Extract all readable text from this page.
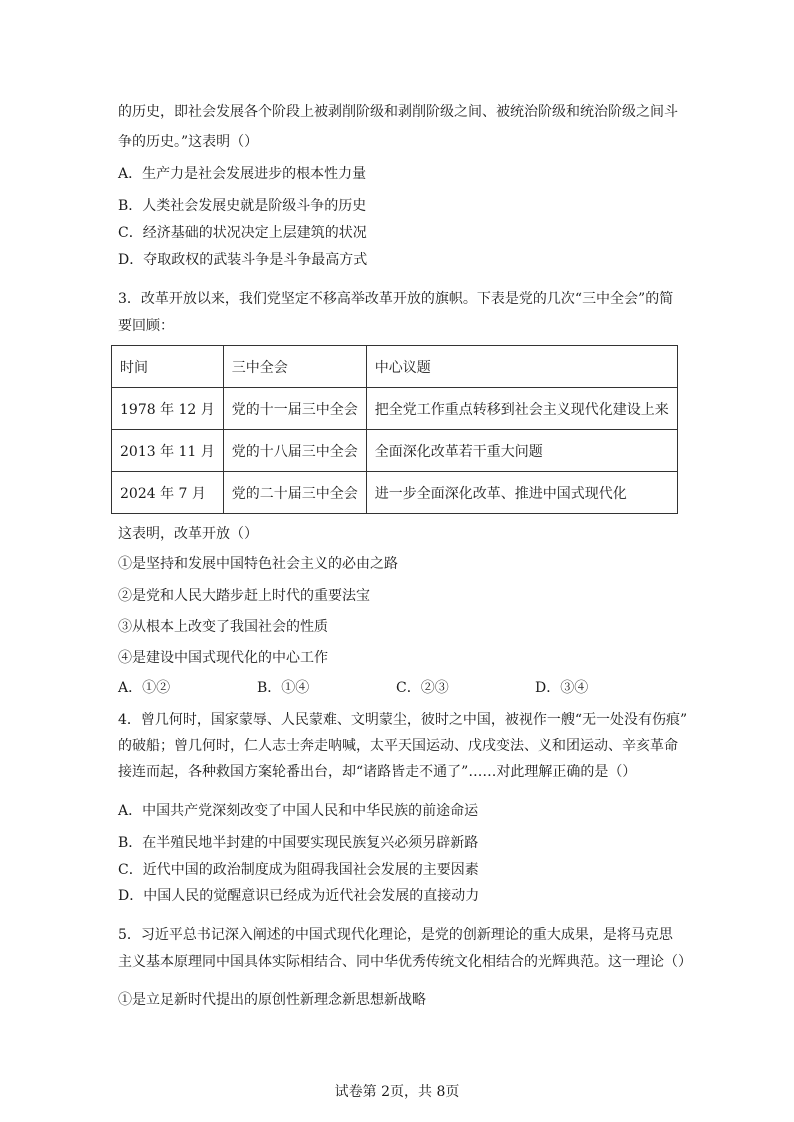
的历史，即社会发展各个阶段上被剥削阶级和剥削阶级之间、被统治阶级和统治阶级之间斗
争的历史。”这表明（）
A．生产力是社会发展进步的根本性力量
B．人类社会发展史就是阶级斗争的历史
C．经济基础的状况决定上层建筑的状况
D．夺取政权的武装斗争是斗争最高方式
3．改革开放以来，我们党坚定不移高举改革开放的旗帜。下表是党的几次“三中全会”的简
要回顾：
时间	三中全会	中心议题
1978 年 12 月	党的十一届三中全会	把全党工作重点转移到社会主义现代化建设上来
2013 年 11 月	党的十八届三中全会	全面深化改革若干重大问题
2024 年 7 月	党的二十届三中全会	进一步全面深化改革、推进中国式现代化
这表明，改革开放（）
①是坚持和发展中国特色社会主义的必由之路
②是党和人民大踏步赶上时代的重要法宝
③从根本上改变了我国社会的性质
④是建设中国式现代化的中心工作
A．①②	B．①④	C．②③	D．③④
4．曾几何时，国家蒙辱、人民蒙难、文明蒙尘，彼时之中国，被视作一艘“无一处没有伤痕”
的破船；曾几何时，仁人志士奔走呐喊，太平天国运动、戊戌变法、义和团运动、辛亥革命
接连而起，各种救国方案轮番出台，却“诸路皆走不通了”……对此理解正确的是（）
A．中国共产党深刻改变了中国人民和中华民族的前途命运
B．在半殖民地半封建的中国要实现民族复兴必须另辟新路
C．近代中国的政治制度成为阻碍我国社会发展的主要因素
D．中国人民的觉醒意识已经成为近代社会发展的直接动力
5．习近平总书记深入阐述的中国式现代化理论，是党的创新理论的重大成果，是将马克思
主义基本原理同中国具体实际相结合、同中华优秀传统文化相结合的光辉典范。这一理论（）
①是立足新时代提出的原创性新理念新思想新战略
试卷第 2页，共 8页
